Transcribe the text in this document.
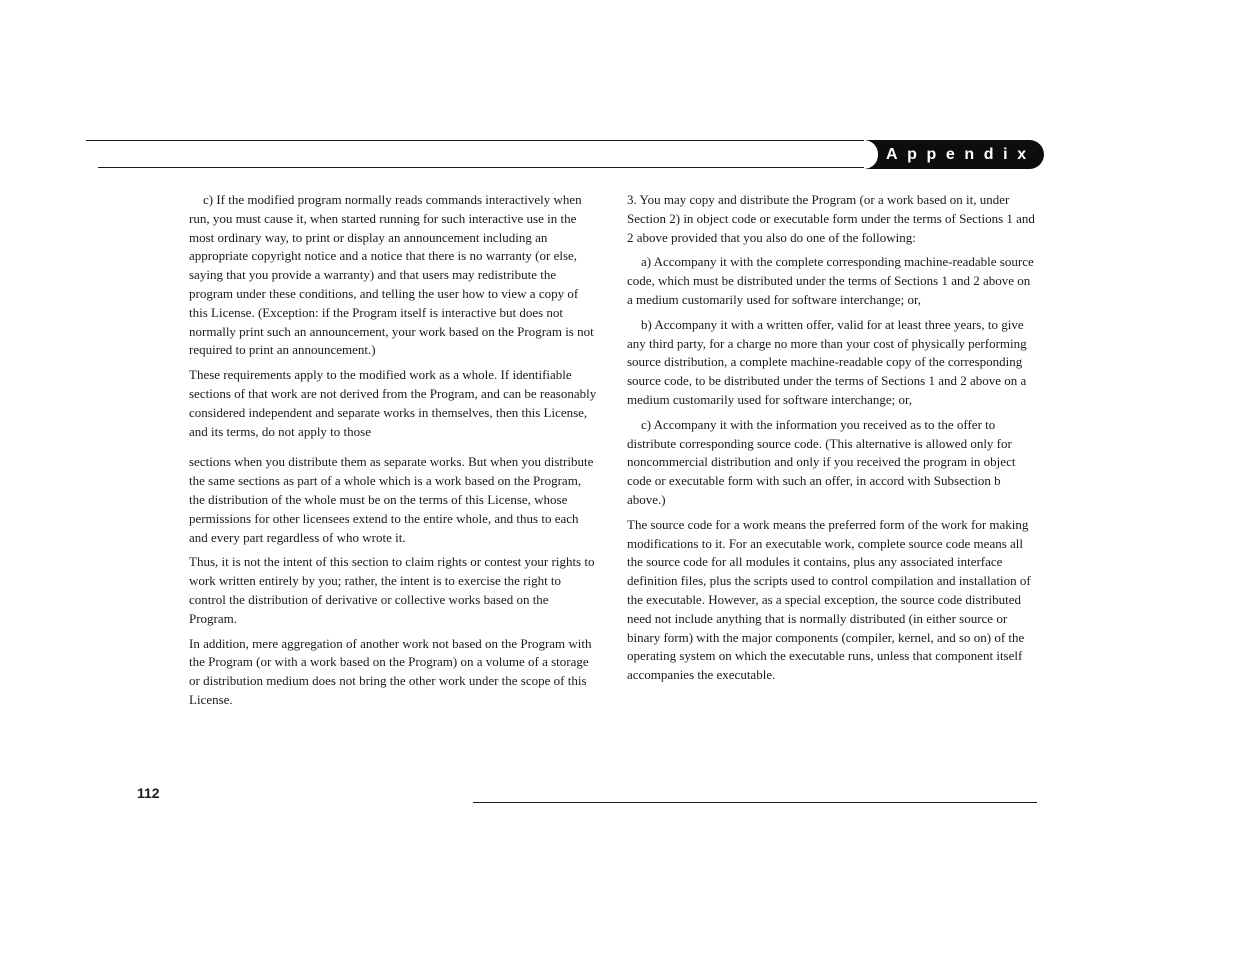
Appendix A

c) If the modified program normally reads commands interactively when run, you must cause it, when started running for such interactive use in the most ordinary way, to print or display an announcement including an appropriate copyright notice and a notice that there is no warranty (or else, saying that you provide a warranty) and that users may redistribute the program under these conditions, and telling the user how to view a copy of this License. (Exception: if the Program itself is interactive but does not normally print such an announcement, your work based on the Program is not required to print an announcement.)

These requirements apply to the modified work as a whole. If identifiable sections of that work are not derived from the Program, and can be reasonably considered independent and separate works in themselves, then this License, and its terms, do not apply to those

sections when you distribute them as separate works. But when you distribute the same sections as part of a whole which is a work based on the Program, the distribution of the whole must be on the terms of this License, whose permissions for other licensees extend to the entire whole, and thus to each and every part regardless of who wrote it.

Thus, it is not the intent of this section to claim rights or contest your rights to work written entirely by you; rather, the intent is to exercise the right to control the distribution of derivative or collective works based on the Program.

In addition, mere aggregation of another work not based on the Program with the Program (or with a work based on the Program) on a volume of a storage or distribution medium does not bring the other work under the scope of this License.

3. You may copy and distribute the Program (or a work based on it, under Section 2) in object code or executable form under the terms of Sections 1 and 2 above provided that you also do one of the following:

a) Accompany it with the complete corresponding machine-readable source code, which must be distributed under the terms of Sections 1 and 2 above on a medium customarily used for software interchange; or,

b) Accompany it with a written offer, valid for at least three years, to give any third party, for a charge no more than your cost of physically performing source distribution, a complete machine-readable copy of the corresponding source code, to be distributed under the terms of Sections 1 and 2 above on a medium customarily used for software interchange; or,

c) Accompany it with the information you received as to the offer to distribute corresponding source code. (This alternative is allowed only for noncommercial distribution and only if you received the program in object code or executable form with such an offer, in accord with Subsection b above.)

The source code for a work means the preferred form of the work for making modifications to it. For an executable work, complete source code means all the source code for all modules it contains, plus any associated interface definition files, plus the scripts used to control compilation and installation of the executable. However, as a special exception, the source code distributed need not include anything that is normally distributed (in either source or binary form) with the major components (compiler, kernel, and so on) of the operating system on which the executable runs, unless that component itself accompanies the executable.

112
